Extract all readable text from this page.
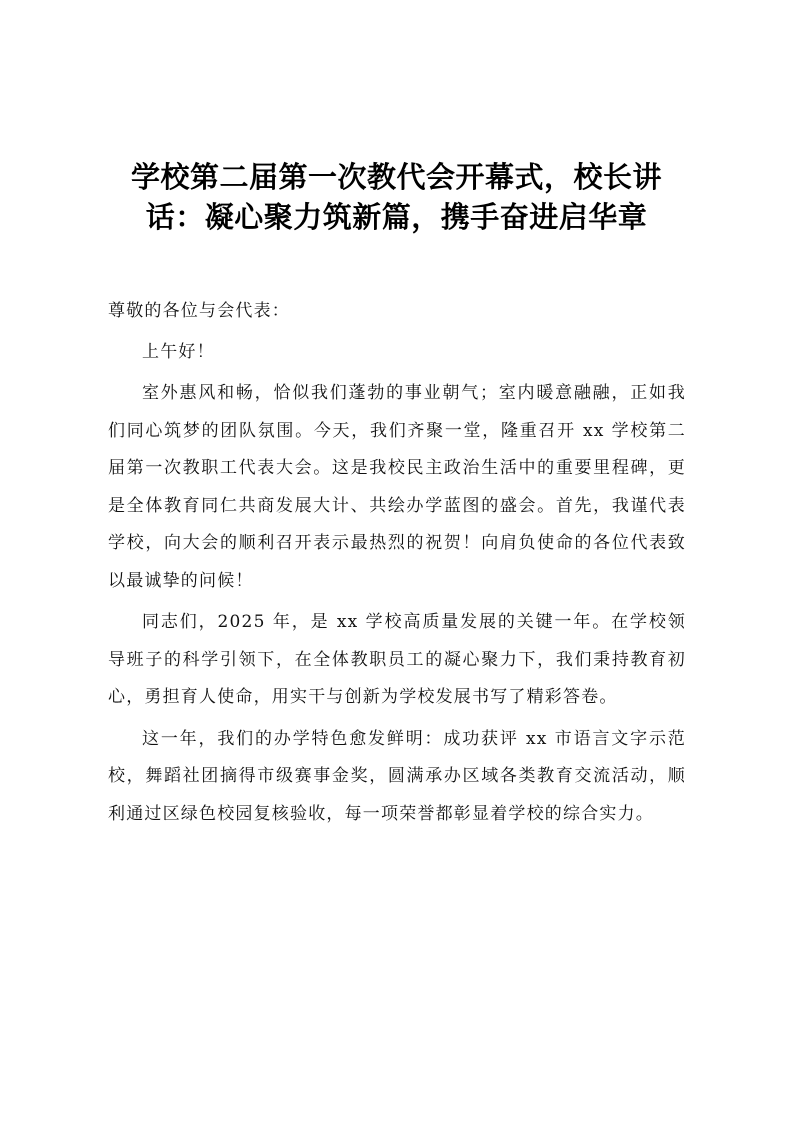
学校第二届第一次教代会开幕式，校长讲
话：凝心聚力筑新篇，携手奋进启华章

尊敬的各位与会代表：

上午好！

室外惠风和畅，恰似我们蓬勃的事业朝气；室内暖意融融，正如我们同心筑梦的团队氛围。今天，我们齐聚一堂，隆重召开 xx 学校第二届第一次教职工代表大会。这是我校民主政治生活中的重要里程碑，更是全体教育同仁共商发展大计、共绘办学蓝图的盛会。首先，我谨代表学校，向大会的顺利召开表示最热烈的祝贺！向肩负使命的各位代表致以最诚挚的问候！

同志们，2025 年，是 xx 学校高质量发展的关键一年。在学校领导班子的科学引领下，在全体教职员工的凝心聚力下，我们秉持教育初心，勇担育人使命，用实干与创新为学校发展书写了精彩答卷。

这一年，我们的办学特色愈发鲜明：成功获评 xx 市语言文字示范校，舞蹈社团摘得市级赛事金奖，圆满承办区域各类教育交流活动，顺利通过区绿色校园复核验收，每一项荣誉都彰显着学校的综合实力。
